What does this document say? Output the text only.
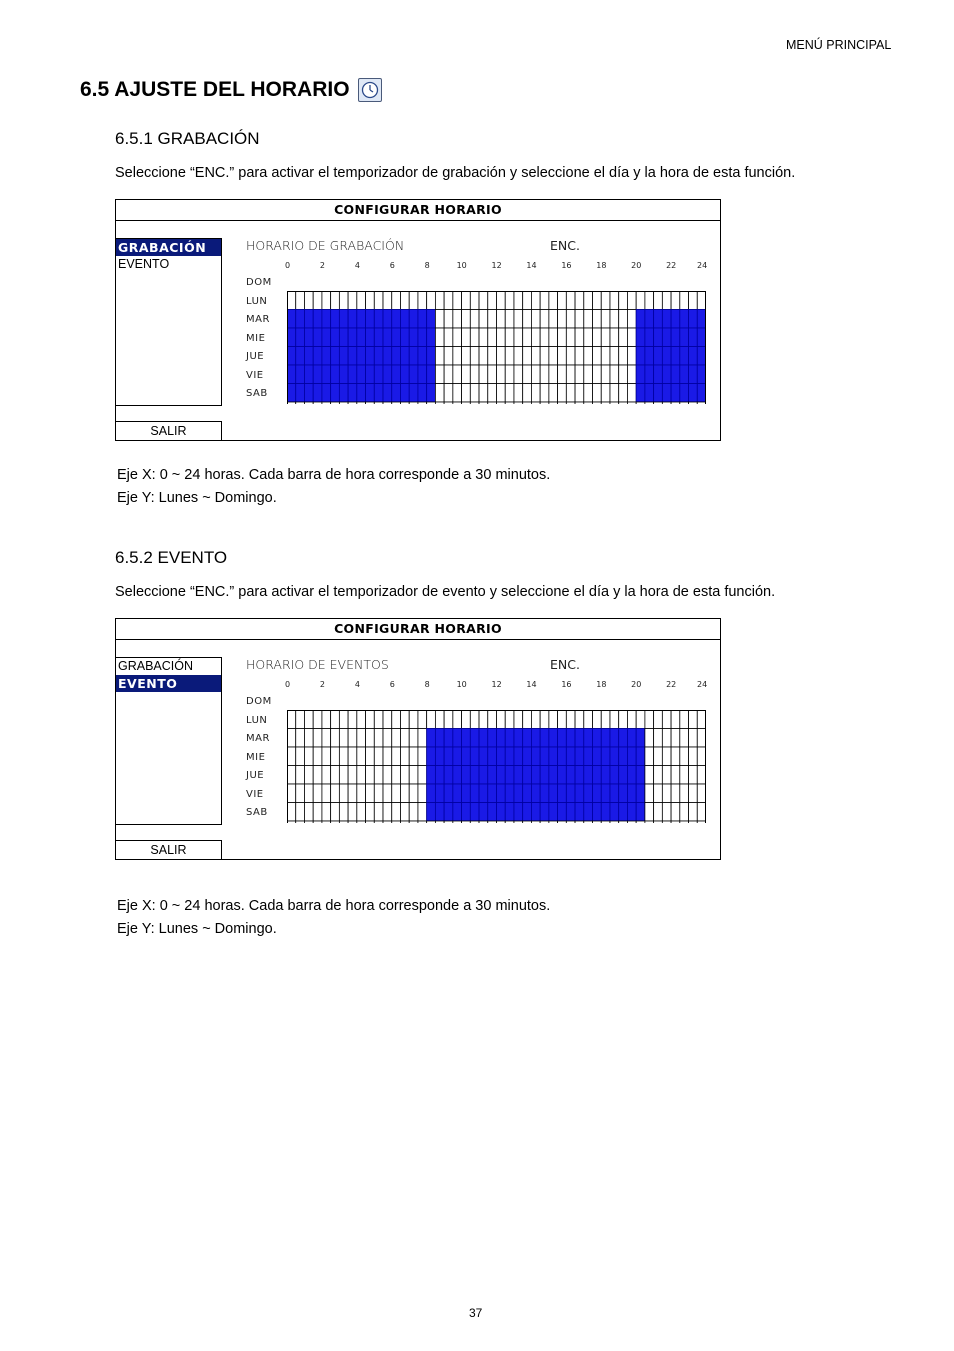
MENÚ PRINCIPAL
6.5 AJUSTE DEL HORARIO
6.5.1 GRABACIÓN
Seleccione “ENC.” para activar el temporizador de grabación y seleccione el día y la hora de esta función.
CONFIGURAR HORARIO
GRABACIÓN
EVENTO
SALIR
HORARIO DE GRABACIÓN	ENC.
0	2	4	6	8	10	12	14	16	18	20	22	24
DOM
LUN
MAR
MIE
JUE
VIE
SAB
Eje X: 0 ~ 24 horas. Cada barra de hora corresponde a 30 minutos.
Eje Y: Lunes ~ Domingo.
6.5.2 EVENTO
Seleccione “ENC.” para activar el temporizador de evento y seleccione el día y la hora de esta función.
CONFIGURAR HORARIO
GRABACIÓN
EVENTO
SALIR
HORARIO DE EVENTOS	ENC.
0	2	4	6	8	10	12	14	16	18	20	22	24
DOM
LUN
MAR
MIE
JUE
VIE
SAB
Eje X: 0 ~ 24 horas. Cada barra de hora corresponde a 30 minutos.
Eje Y: Lunes ~ Domingo.
37
